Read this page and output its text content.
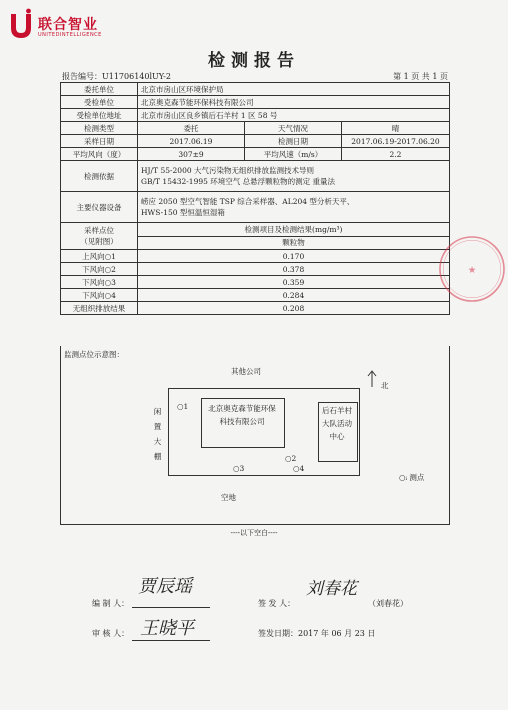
联合智业
UNITEDINTELLIGENCE
检测报告
报告编号：U11706140lUY-2	第 1 页 共 1 页
委托单位	北京市房山区环境保护局		
受检单位	北京奥克森节能环保科技有限公司		
受检单位地址	北京市房山区良乡镇后石羊村 1 区 58 号		
检测类型	委托	天气情况	晴
采样日期	2017.06.19	检测日期	2017.06.19-2017.06.20
平均风向（度）	307±9	平均风速（m/s）	2.2
检测依据	HJ/T 55-2000 大气污染物无组织排放监测技术导则
GB/T 15432-1995 环境空气 总悬浮颗粒物的测定 重量法		

主要仪器设备	崂应 2050 型空气智能 TSP 综合采样器、AL204 型分析天平、
HWS-150 型恒温恒湿箱		

采样点位
（见附图）	检测项目及检测结果(mg/m³)		
	颗粒物		
上风向○1	0.170		
下风向○2	0.378		
下风向○3	0.359		
下风向○4	0.284		
无组织排放结果	0.208		
监测点位示意图：
其他公司
北
北京奥克森节能环保科技有限公司
闲置大棚
后石羊村大队活动中心
○1
○2
○3	○4
空地
○ᵢ 测点
----以下空白----
编 制 人：
贾辰瑶
签 发 人：
刘春花
（刘春花）
审 核 人： 王晓平	签发日期：2017 年 06 月 23 日
★
